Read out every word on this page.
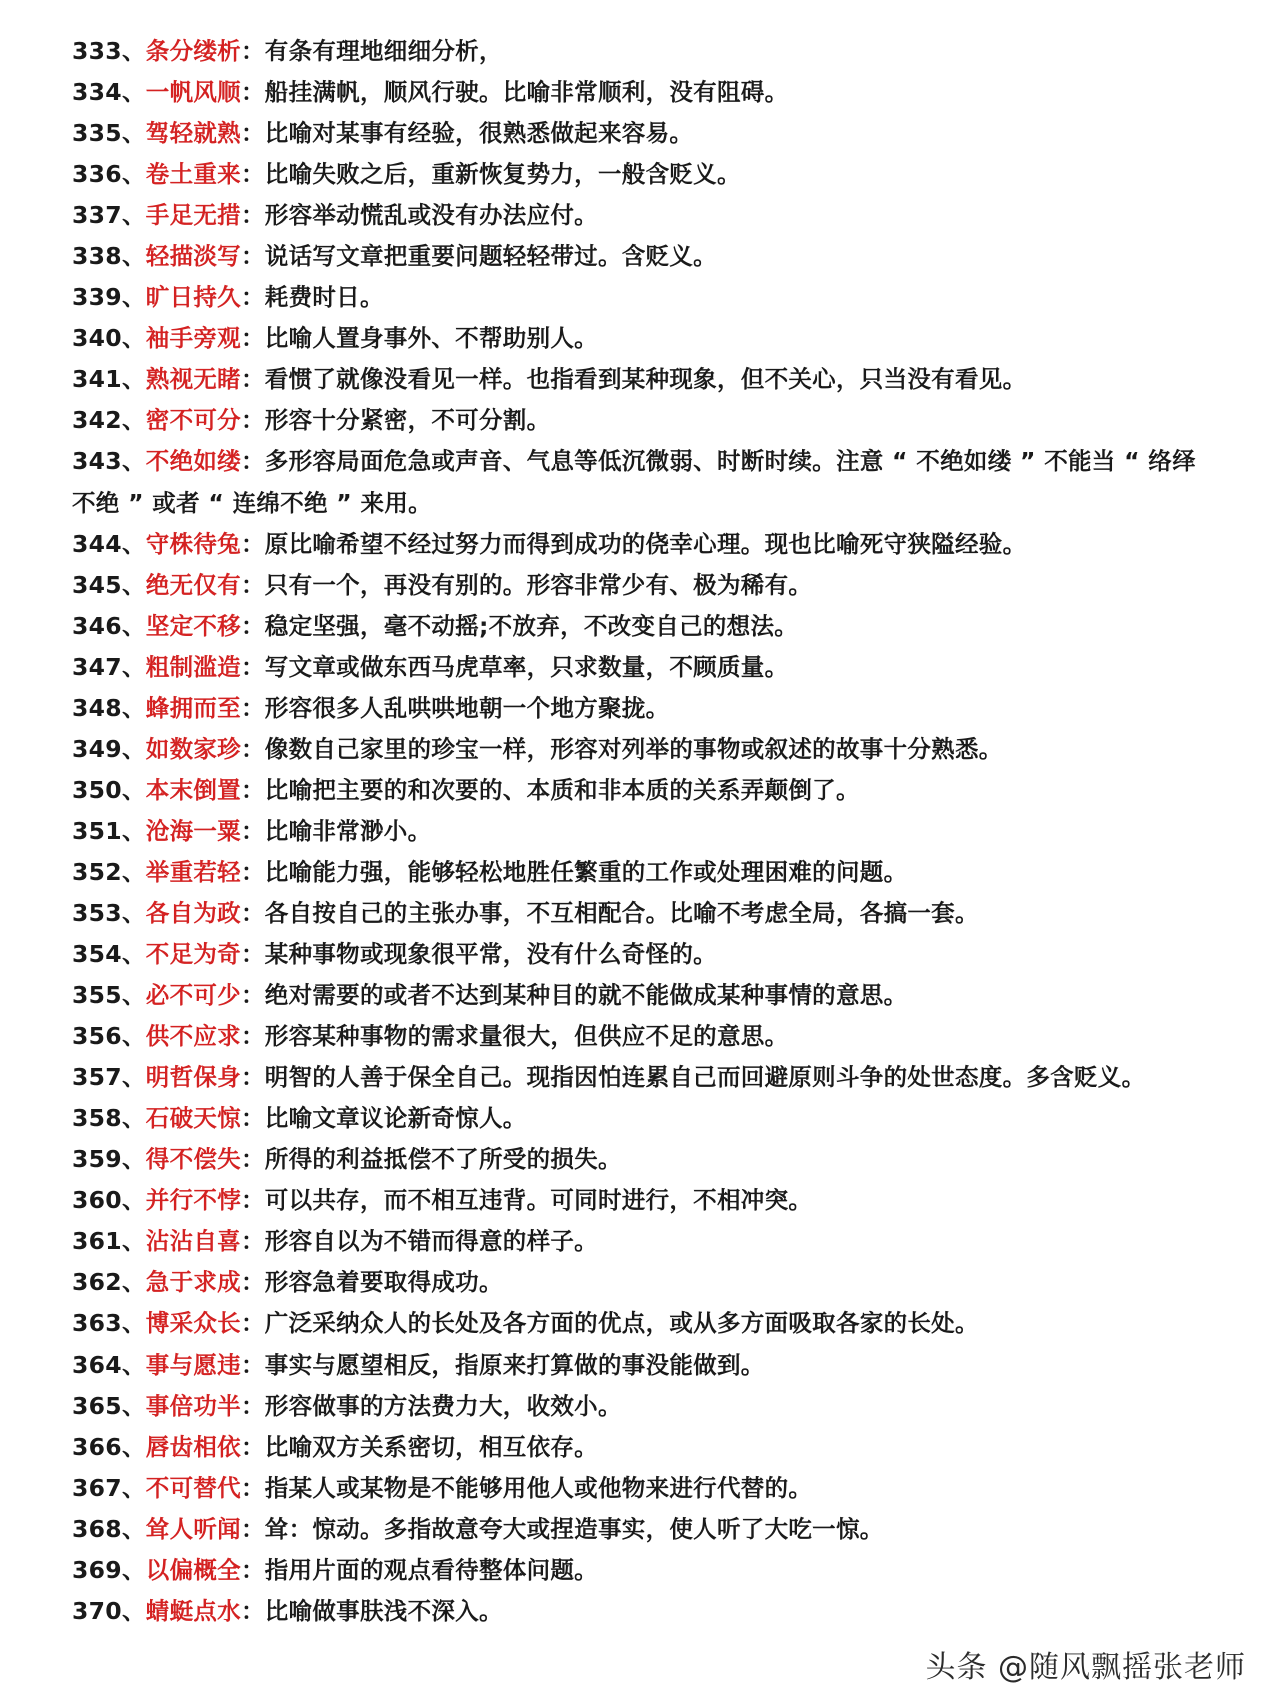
333、条分缕析：有条有理地细细分析，

334、一帆风顺：船挂满帆，顺风行驶。比喻非常顺利，没有阻碍。

335、驾轻就熟：比喻对某事有经验，很熟悉做起来容易。

336、卷土重来：比喻失败之后，重新恢复势力，一般含贬义。

337、手足无措：形容举动慌乱或没有办法应付。

338、轻描淡写：说话写文章把重要问题轻轻带过。含贬义。

339、旷日持久：耗费时日。

340、袖手旁观：比喻人置身事外、不帮助别人。

341、熟视无睹：看惯了就像没看见一样。也指看到某种现象，但不关心，只当没有看见。

342、密不可分：形容十分紧密，不可分割。

343、不绝如缕：多形容局面危急或声音、气息等低沉微弱、时断时续。注意 “ 不绝如缕 ” 不能当 “ 络绎不绝 ” 或者 “ 连绵不绝 ” 来用。

344、守株待兔：原比喻希望不经过努力而得到成功的侥幸心理。现也比喻死守狭隘经验。

345、绝无仅有：只有一个，再没有别的。形容非常少有、极为稀有。

346、坚定不移：稳定坚强，毫不动摇;不放弃，不改变自己的想法。

347、粗制滥造：写文章或做东西马虎草率，只求数量，不顾质量。

348、蜂拥而至：形容很多人乱哄哄地朝一个地方聚拢。

349、如数家珍：像数自己家里的珍宝一样，形容对列举的事物或叙述的故事十分熟悉。

350、本末倒置：比喻把主要的和次要的、本质和非本质的关系弄颠倒了。

351、沧海一粟：比喻非常渺小。

352、举重若轻：比喻能力强，能够轻松地胜任繁重的工作或处理困难的问题。

353、各自为政：各自按自己的主张办事，不互相配合。比喻不考虑全局，各搞一套。

354、不足为奇：某种事物或现象很平常，没有什么奇怪的。

355、必不可少：绝对需要的或者不达到某种目的就不能做成某种事情的意思。

356、供不应求：形容某种事物的需求量很大，但供应不足的意思。

357、明哲保身：明智的人善于保全自己。现指因怕连累自己而回避原则斗争的处世态度。多含贬义。

358、石破天惊：比喻文章议论新奇惊人。

359、得不偿失：所得的利益抵偿不了所受的损失。

360、并行不悖：可以共存，而不相互违背。可同时进行，不相冲突。

361、沾沾自喜：形容自以为不错而得意的样子。

362、急于求成：形容急着要取得成功。

363、博采众长：广泛采纳众人的长处及各方面的优点，或从多方面吸取各家的长处。

364、事与愿违：事实与愿望相反，指原来打算做的事没能做到。

365、事倍功半：形容做事的方法费力大，收效小。

366、唇齿相依：比喻双方关系密切，相互依存。

367、不可替代：指某人或某物是不能够用他人或他物来进行代替的。

368、耸人听闻：耸：惊动。多指故意夸大或捏造事实，使人听了大吃一惊。

369、以偏概全：指用片面的观点看待整体问题。

370、蜻蜓点水：比喻做事肤浅不深入。

头条 @随风飘摇张老师
